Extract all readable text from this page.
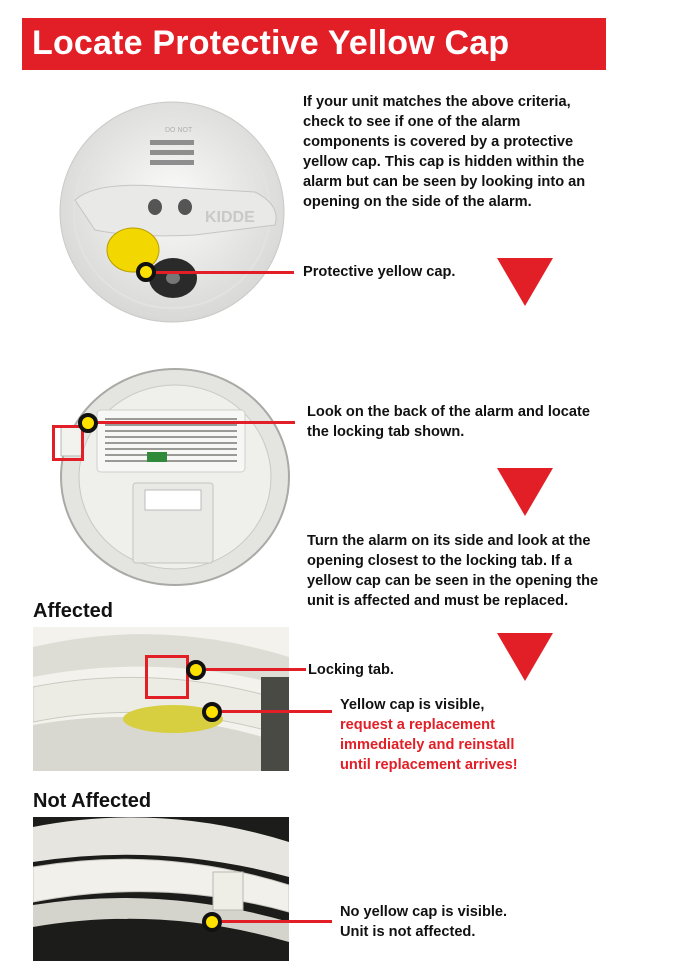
Locate Protective Yellow Cap
KIDDE
DO NOT
If your unit matches the above criteria,
check to see if one of the alarm
components is covered by a protective
yellow cap. This cap is hidden within the
alarm but can be seen by looking into an
opening on the side of the alarm.
Protective yellow cap.
Look on the back of the alarm and locate
the locking tab shown.
Turn the alarm on its side and look at the
opening closest to the locking tab. If a
yellow cap can be seen in the opening the
unit is affected and must be replaced.
Affected
Locking tab.
Yellow cap is visible,
request a replacement
immediately and reinstall
until replacement arrives!
Not Affected
No yellow cap is visible.
Unit is not affected.
